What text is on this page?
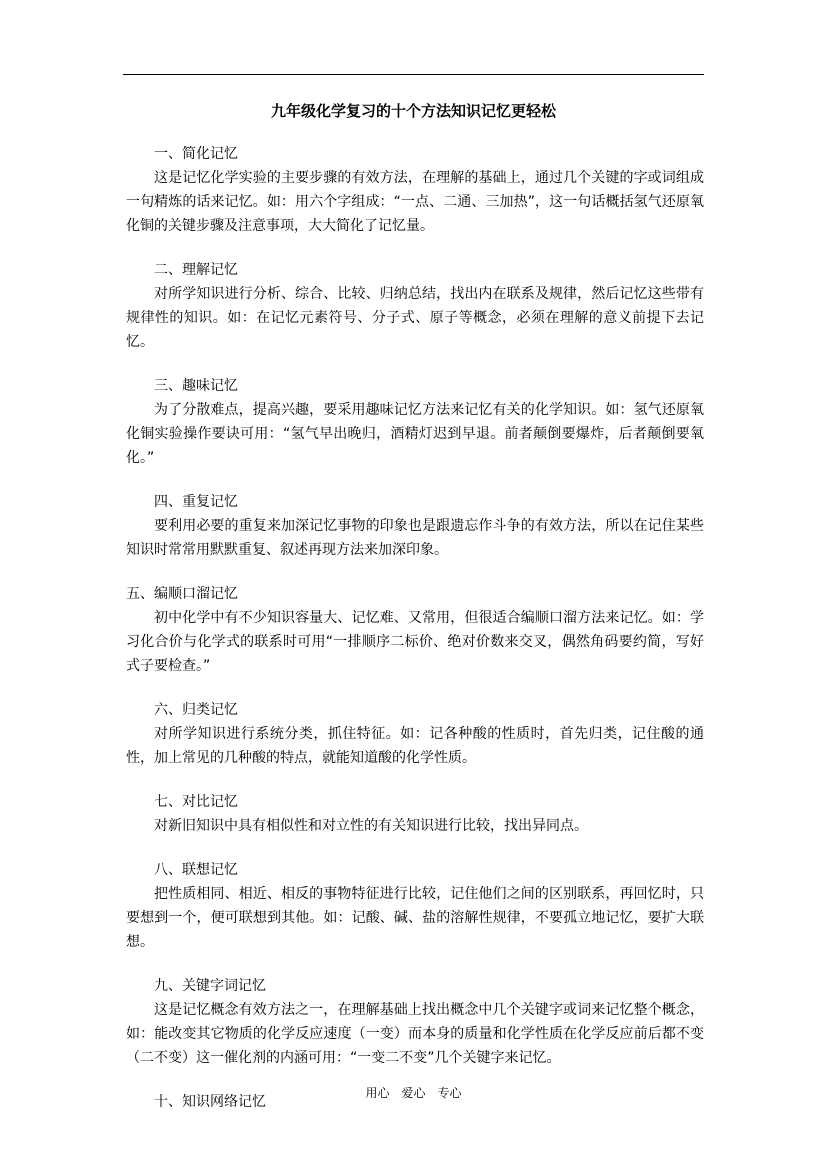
九年级化学复习的十个方法知识记忆更轻松
一、简化记忆
这是记忆化学实验的主要步骤的有效方法，在理解的基础上，通过几个关键的字或词组成一句精炼的话来记忆。如：用六个字组成：“一点、二通、三加热”，这一句话概括氢气还原氧化铜的关键步骤及注意事项，大大简化了记忆量。
二、理解记忆
对所学知识进行分析、综合、比较、归纳总结，找出内在联系及规律，然后记忆这些带有规律性的知识。如：在记忆元素符号、分子式、原子等概念，必须在理解的意义前提下去记忆。
三、趣味记忆
为了分散难点，提高兴趣，要采用趣味记忆方法来记忆有关的化学知识。如：氢气还原氧化铜实验操作要诀可用：“氢气早出晚归，酒精灯迟到早退。前者颠倒要爆炸，后者颠倒要氧化。”
四、重复记忆
要利用必要的重复来加深记忆事物的印象也是跟遗忘作斗争的有效方法，所以在记住某些知识时常常用默默重复、叙述再现方法来加深印象。
五、编顺口溜记忆
初中化学中有不少知识容量大、记忆难、又常用，但很适合编顺口溜方法来记忆。如：学习化合价与化学式的联系时可用“一排顺序二标价、绝对价数来交叉，偶然角码要约简，写好式子要检查。”
六、归类记忆
对所学知识进行系统分类，抓住特征。如：记各种酸的性质时，首先归类，记住酸的通性，加上常见的几种酸的特点，就能知道酸的化学性质。
七、对比记忆
对新旧知识中具有相似性和对立性的有关知识进行比较，找出异同点。
八、联想记忆
把性质相同、相近、相反的事物特征进行比较，记住他们之间的区别联系，再回忆时，只要想到一个，便可联想到其他。如：记酸、碱、盐的溶解性规律，不要孤立地记忆，要扩大联想。
九、关键字词记忆
这是记忆概念有效方法之一，在理解基础上找出概念中几个关键字或词来记忆整个概念，如：能改变其它物质的化学反应速度（一变）而本身的质量和化学性质在化学反应前后都不变（二不变）这一催化剂的内涵可用：“一变二不变”几个关键字来记忆。
十、知识网络记忆
用心　爱心　专心
